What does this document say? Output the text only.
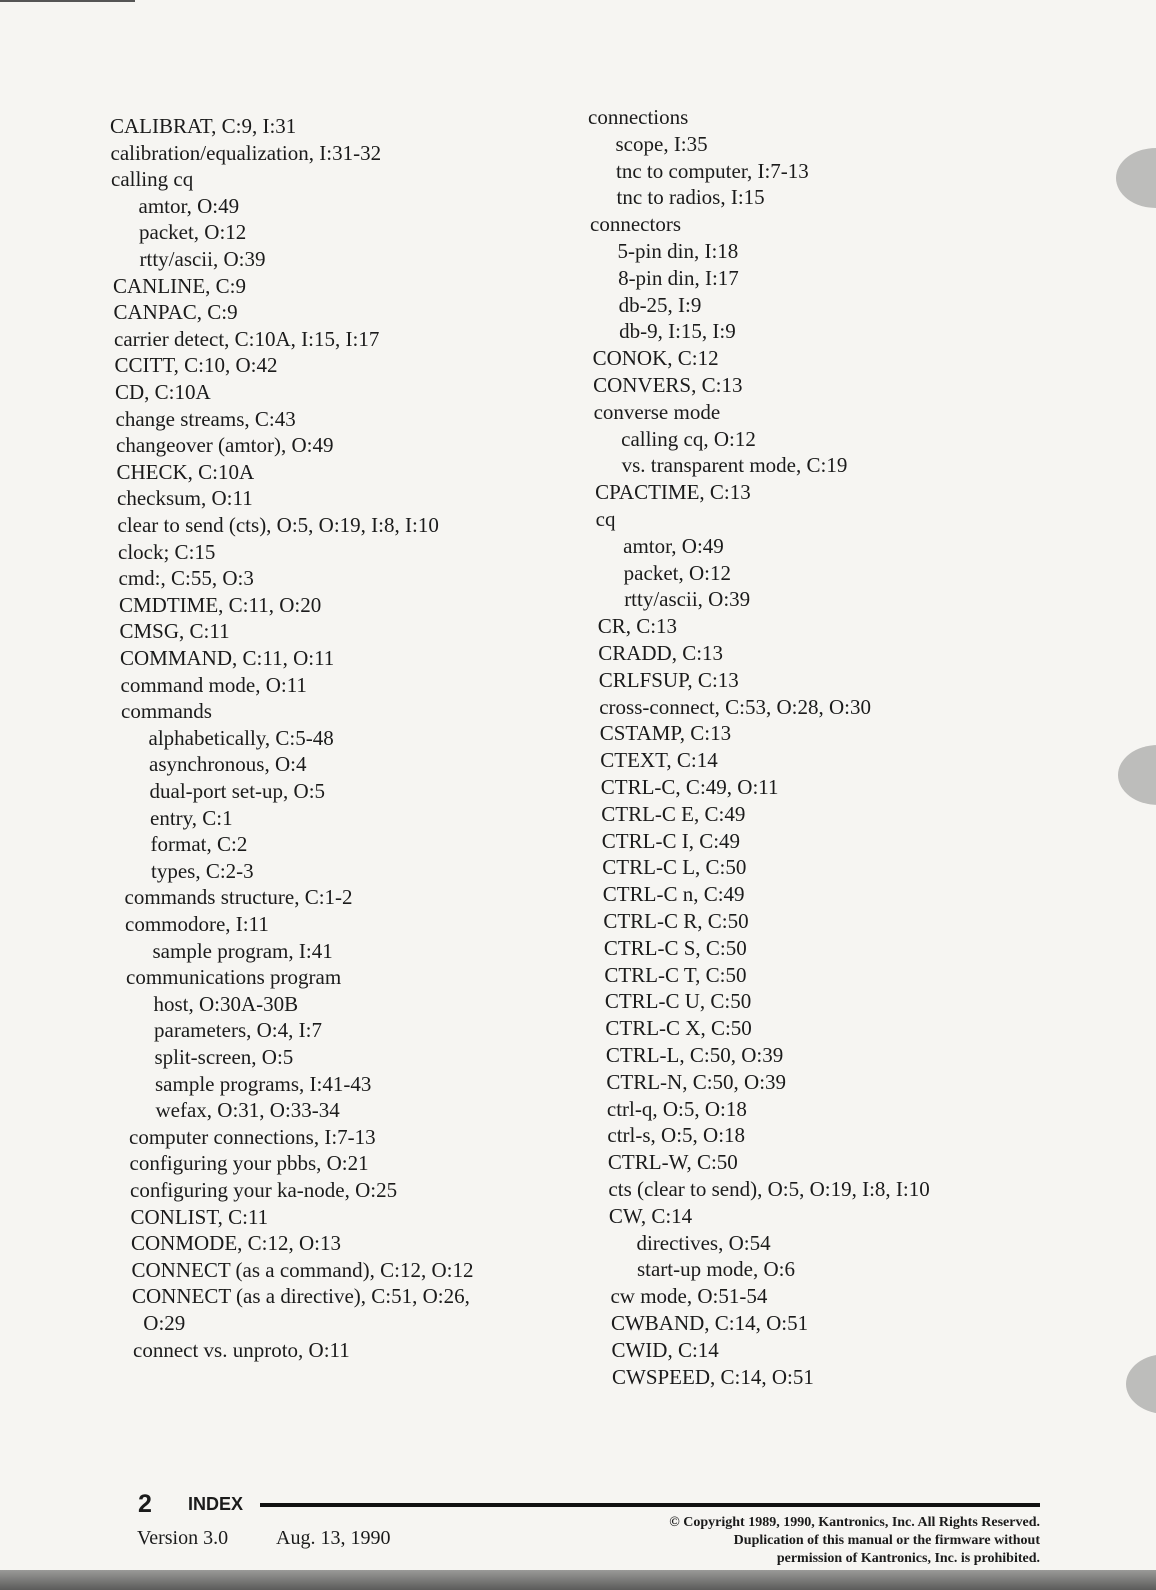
CALIBRAT, C:9, I:31
calibration/equalization, I:31-32
calling cq
amtor, O:49
packet, O:12
rtty/ascii, O:39
CANLINE, C:9
CANPAC, C:9
carrier detect, C:10A, I:15, I:17
CCITT, C:10, O:42
CD, C:10A
change streams, C:43
changeover (amtor), O:49
CHECK, C:10A
checksum, O:11
clear to send (cts), O:5, O:19, I:8, I:10
clock; C:15
cmd:, C:55, O:3
CMDTIME, C:11, O:20
CMSG, C:11
COMMAND, C:11, O:11
command mode, O:11
commands
alphabetically, C:5-48
asynchronous, O:4
dual-port set-up, O:5
entry, C:1
format, C:2
types, C:2-3
commands structure, C:1-2
commodore, I:11
sample program, I:41
communications program
host, O:30A-30B
parameters, O:4, I:7
split-screen, O:5
sample programs, I:41-43
wefax, O:31, O:33-34
computer connections, I:7-13
configuring your pbbs, O:21
configuring your ka-node, O:25
CONLIST, C:11
CONMODE, C:12, O:13
CONNECT (as a command), C:12, O:12
CONNECT (as a directive), C:51, O:26,
O:29
connect vs. unproto, O:11
connections
scope, I:35
tnc to computer, I:7-13
tnc to radios, I:15
connectors
5-pin din, I:18
8-pin din, I:17
db-25, I:9
db-9, I:15, I:9
CONOK, C:12
CONVERS, C:13
converse mode
calling cq, O:12
vs. transparent mode, C:19
CPACTIME, C:13
cq
amtor, O:49
packet, O:12
rtty/ascii, O:39
CR, C:13
CRADD, C:13
CRLFSUP, C:13
cross-connect, C:53, O:28, O:30
CSTAMP, C:13
CTEXT, C:14
CTRL-C, C:49, O:11
CTRL-C E, C:49
CTRL-C I, C:49
CTRL-C L, C:50
CTRL-C n, C:49
CTRL-C R, C:50
CTRL-C S, C:50
CTRL-C T, C:50
CTRL-C U, C:50
CTRL-C X, C:50
CTRL-L, C:50, O:39
CTRL-N, C:50, O:39
ctrl-q, O:5, O:18
ctrl-s, O:5, O:18
CTRL-W, C:50
cts (clear to send), O:5, O:19, I:8, I:10
CW, C:14
directives, O:54
start-up mode, O:6
cw mode, O:51-54
CWBAND, C:14, O:51
CWID, C:14
CWSPEED, C:14, O:51
2 INDEX
Version 3.0 Aug. 13, 1990
© Copyright 1989, 1990, Kantronics, Inc. All Rights Reserved.
Duplication of this manual or the firmware without
permission of Kantronics, Inc. is prohibited.
